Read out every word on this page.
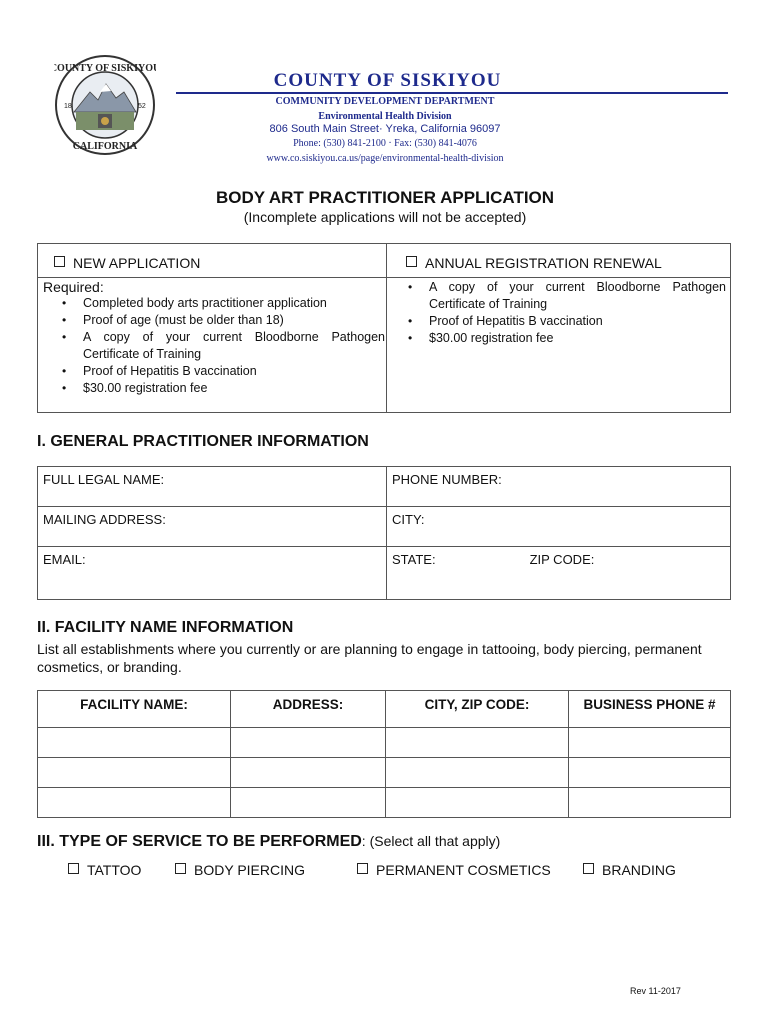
COUNTY OF SISKIYOU
CALIFORNIA
18	52
COUNTY OF SISKIYOU
COMMUNITY DEVELOPMENT DEPARTMENT
Environmental Health Division
806 South Main Street· Yreka, California 96097
Phone: (530) 841-2100 · Fax: (530) 841-4076
www.co.siskiyou.ca.us/page/environmental-health-division
BODY ART PRACTITIONER APPLICATION
(Incomplete applications will not be accepted)
NEW APPLICATION	ANNUAL REGISTRATION RENEWAL
Required:
• Completed body arts practitioner application
• Proof of age (must be older than 18)
• A copy of your current Bloodborne Pathogen Certificate of Training
• Proof of Hepatitis B vaccination
• $30.00 registration fee
• A copy of your current Bloodborne Pathogen Certificate of Training
• Proof of Hepatitis B vaccination
• $30.00 registration fee
I. GENERAL PRACTITIONER INFORMATION
FULL LEGAL NAME:	PHONE NUMBER:
MAILING ADDRESS:	CITY:
EMAIL:	STATE: ZIP CODE:
II. FACILITY NAME INFORMATION
List all establishments where you currently or are planning to engage in tattooing, body piercing, permanent cosmetics, or branding.
FACILITY NAME:	ADDRESS:	CITY, ZIP CODE:	BUSINESS PHONE #

III. TYPE OF SERVICE TO BE PERFORMED: (Select all that apply)
TATTOO	BODY PIERCING	PERMANENT COSMETICS	BRANDING
Rev 11-2017
